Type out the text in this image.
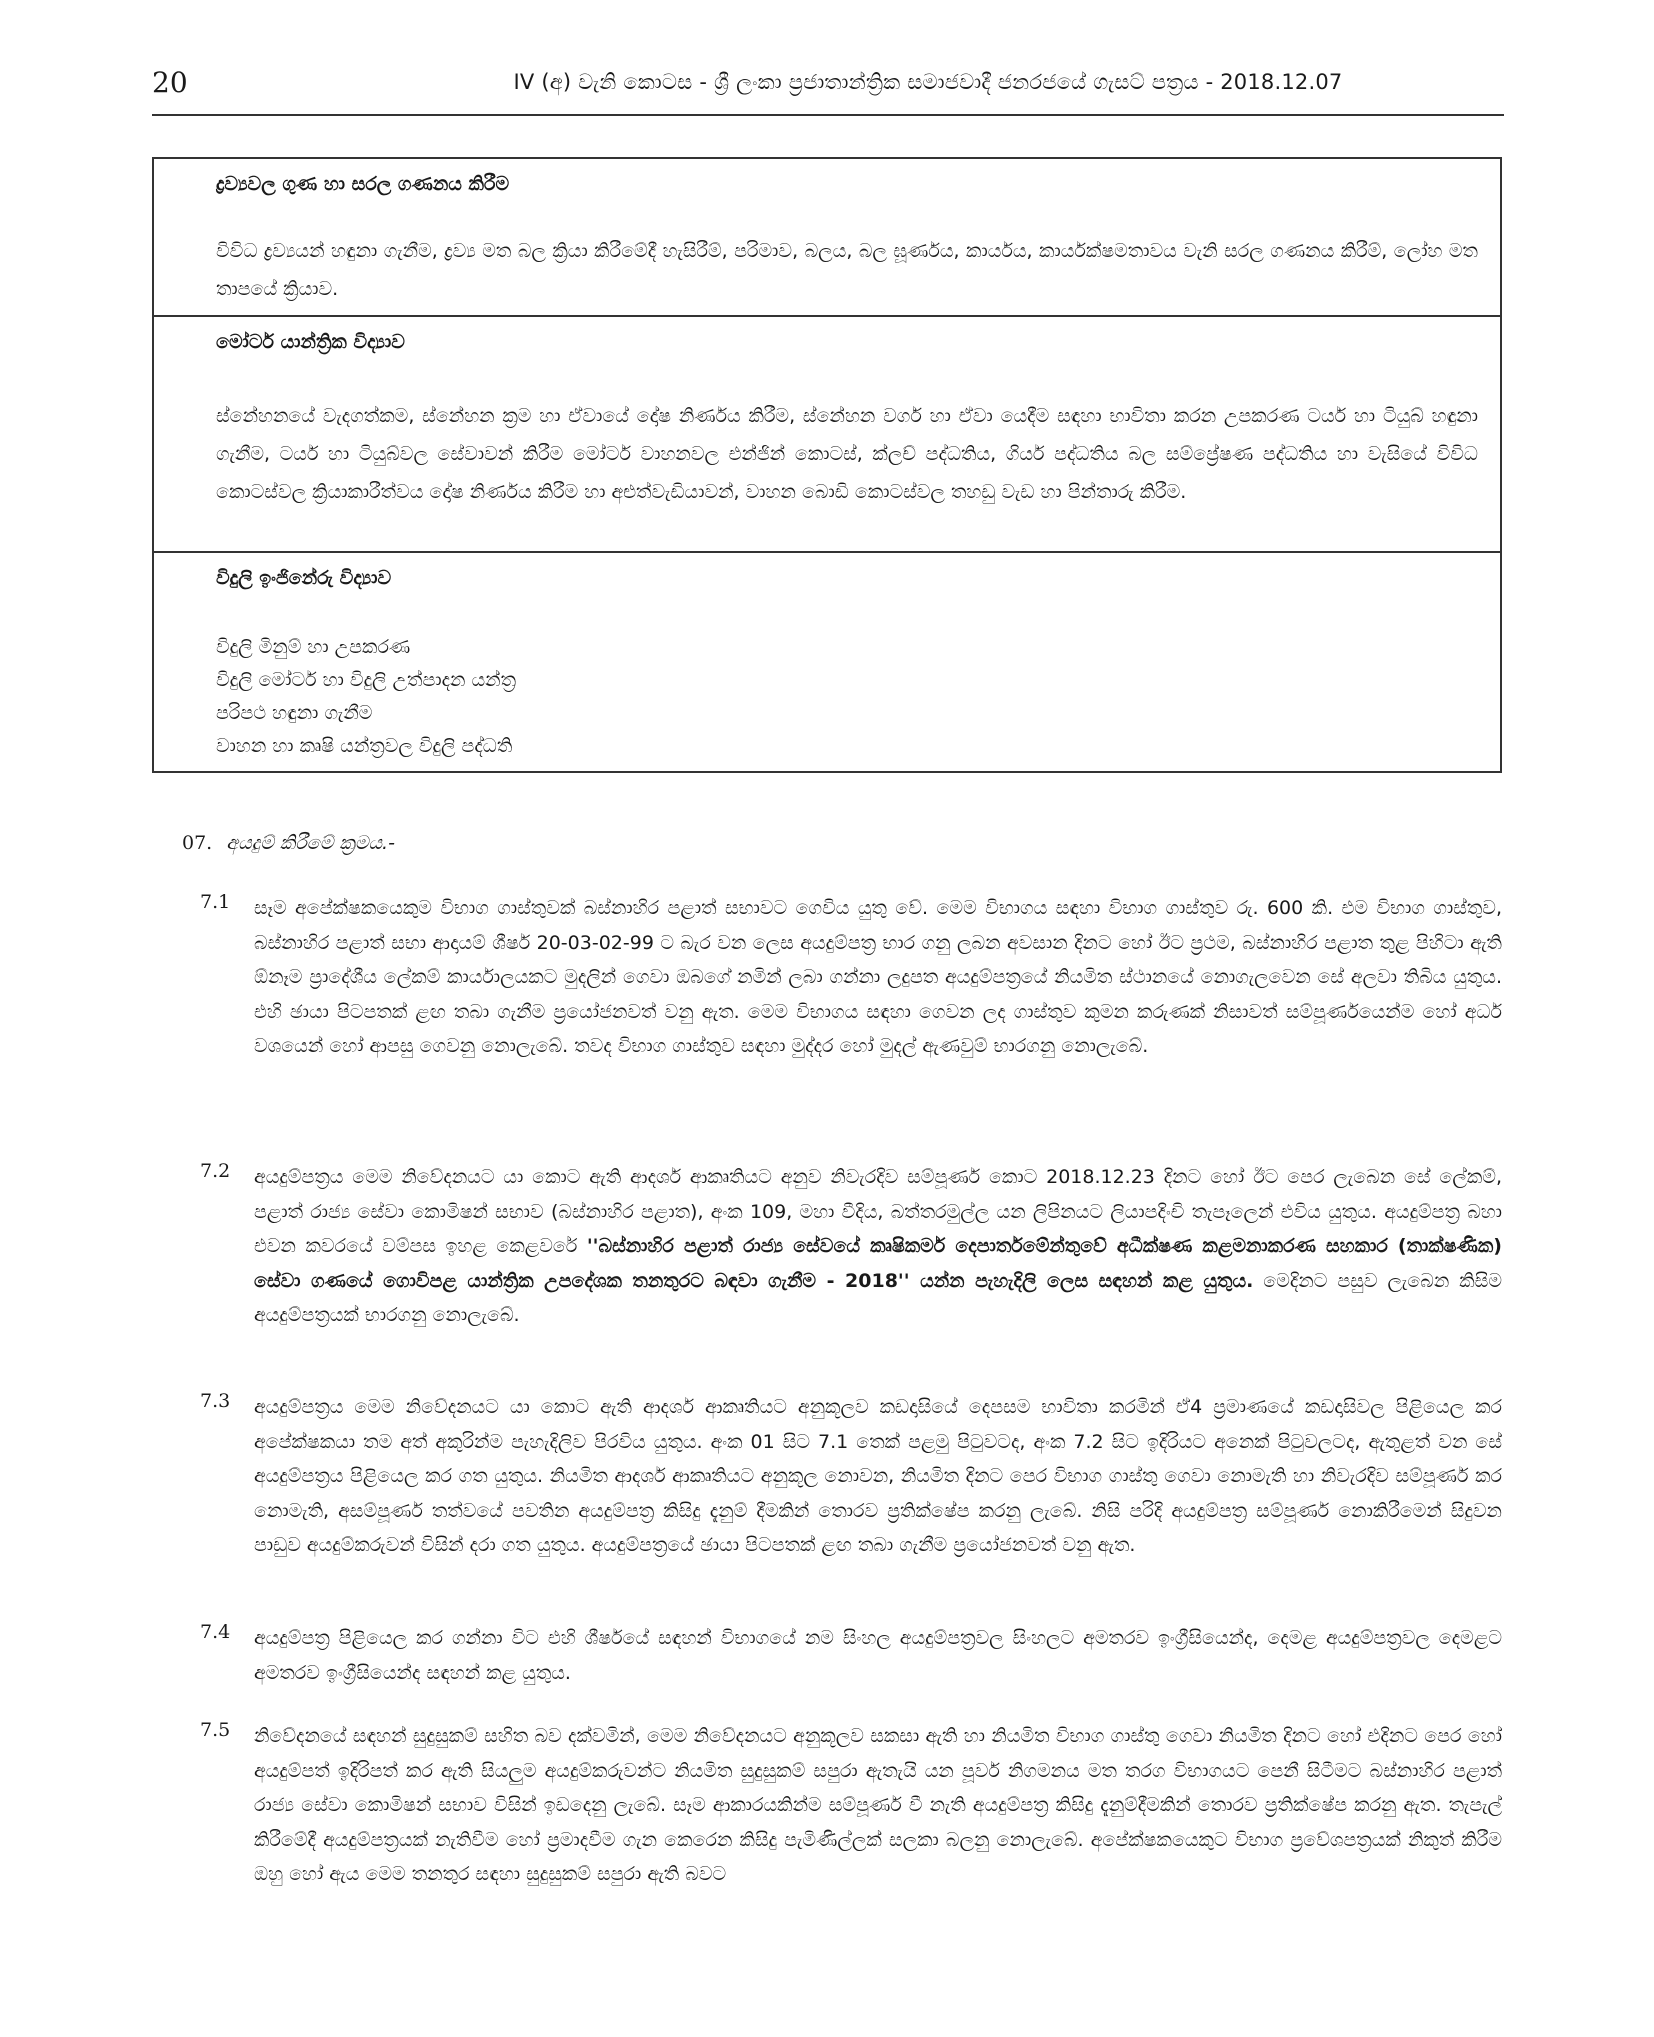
20	IV (අ) වැනි කොටස - ශ්‍රී ලංකා ප්‍රජාතාන්ත්‍රික සමාජවාදී ජනරජයේ ගැසට් පත්‍රය - 2018.12.07
ද්‍රව්‍යවල ගුණ හා සරල ගණනය කිරීම
විවිධ ද්‍රව්‍යයන් හඳුනා ගැනීම, ද්‍රව්‍ය මත බල ක්‍රියා කිරීමේදී හැසිරීම්, පරිමාව, බලය, බල ඝූර්ණය, කාර්යය, කාර්යක්ෂමතාවය වැනි සරල ගණනය කිරීම්, ලෝහ මත තාපයේ ක්‍රියාව.
මෝටර් යාන්ත්‍රික විද්‍යාව
ස්නේහනයේ වැදගත්කම, ස්නේහන ක්‍රම හා ඒවායේ දෝෂ නිර්ණය කිරීම, ස්නේහන වර්ග හා ඒවා යෙදීම සඳහා භාවිතා කරන උපකරණ ටයර් හා ටියුබ් හඳුනා ගැනීම, ටයර් හා ටියුබ්වල සේවාවන් කිරීම මෝටර් වාහනවල එන්ජින් කොටස්, ක්ලච් පද්ධතිය, ගියර් පද්ධතිය බල සම්ප්‍රේෂණ පද්ධතිය හා වැසියේ විවිධ කොටස්වල ක්‍රියාකාරීත්වය දෝෂ නිර්ණය කිරීම හා අළුත්වැඩියාවන්, වාහන බොඩි කොටස්වල තහඩු වැඩ හා පින්තාරු කිරීම.
විදුලි ඉංජිනේරු විද්‍යාව
විදුලි මිනුම් හා උපකරණ
විදුලි මෝටර් හා විදුලි උත්පාදන යන්ත්‍ර
පරිපථ හඳුනා ගැනීම
වාහන හා කෘෂි යන්ත්‍රවල විදුලි පද්ධති
07. අයදුම් කිරීමේ ක්‍රමය.-
7.1 සෑම අපේක්ෂකයෙකුම විභාග ගාස්තුවක් බස්නාහිර පළාත් සභාවට ගෙවිය යුතු වේ. මෙම විභාගය සඳහා විභාග ගාස්තුව රු. 600 කි. එම විභාග ගාස්තුව, බස්නාහිර පළාත් සභා ආදායම් ශීර්ෂ 20-03-02-99 ට බැර වන ලෙස අයදුම්පත්‍ර භාර ගනු ලබන අවසාන දිනට හෝ ඊට ප්‍රථම, බස්නාහිර පළාත තුළ පිහිටා ඇති ඕනෑම ප්‍රාදේශීය ලේකම් කාර්යාලයකට මුදලින් ගෙවා ඔබගේ නමින් ලබා ගන්නා ලදුපත අයදුම්පත්‍රයේ නියමිත ස්ථානයේ නොගැලවෙන සේ අලවා තිබිය යුතුය. එහි ඡායා පිටපතක් ළඟ තබා ගැනීම ප්‍රයෝජනවත් වනු ඇත. මෙම විභාගය සඳහා ගෙවන ලද ගාස්තුව කුමන කරුණක් නිසාවත් සම්පූර්ණයෙන්ම හෝ අර්ධ වශයෙන් හෝ ආපසු ගෙවනු නොලැබේ. තවද විභාග ගාස්තුව සඳහා මුද්දර හෝ මුදල් ඇණවුම් භාරගනු නොලැබේ.
7.2 අයදුම්පත්‍රය මෙම නිවේදනයට යා කොට ඇති ආදර්ශ ආකෘතියට අනුව නිවැරදිව සම්පූර්ණ කොට 2018.12.23 දිනට හෝ ඊට පෙර ලැබෙන සේ ලේකම්, පළාත් රාජ්‍ය සේවා කොමිෂන් සභාව (බස්නාහිර පළාත), අංක 109, මහා වීදිය, බත්තරමුල්ල යන ලිපිනයට ලියාපදිංචි තැපෑලෙන් එවිය යුතුය. අයදුම්පත්‍ර බහා එවන කවරයේ වම්පස ඉහළ කෙළවරේ ''බස්නාහිර පළාත් රාජ්‍ය සේවයේ කෘෂිකර්ම දෙපාර්තමේන්තුවේ අධීක්ෂණ කළමනාකරණ සහකාර (තාක්ෂණික) සේවා ගණයේ ගොවිපළ යාන්ත්‍රික උපදේශක තනතුරට බඳවා ගැනීම - 2018'' යන්න පැහැදිලි ලෙස සඳහන් කළ යුතුය. මෙදිනට පසුව ලැබෙන කිසිම අයදුම්පත්‍රයක් භාරගනු නොලැබේ.
7.3 අයදුම්පත්‍රය මෙම නිවේදනයට යා කොට ඇති ආදර්ශ ආකෘතියට අනුකූලව කඩදාසියේ දෙපසම භාවිතා කරමින් ඒ4 ප්‍රමාණයේ කඩදාසිවල පිළියෙල කර අපේක්ෂකයා තම අත් අකුරින්ම පැහැදිලිව පිරවිය යුතුය. අංක 01 සිට 7.1 තෙක් පළමු පිටුවටද, අංක 7.2 සිට ඉදිරියට අනෙක් පිටුවලටද, ඇතුළත් වන සේ අයදුම්පත්‍රය පිළියෙල කර ගත යුතුය. නියමිත ආදර්ශ ආකෘතියට අනුකූල නොවන, නියමිත දිනට පෙර විභාග ගාස්තු ගෙවා නොමැති හා නිවැරදිව සම්පූර්ණ කර නොමැති, අසම්පූර්ණ තත්වයේ පවතින අයදුම්පත්‍ර කිසිදු දැනුම් දීමකින් තොරව ප්‍රතික්ෂේප කරනු ලැබේ. නිසි පරිදි අයදුම්පත්‍ර සම්පූර්ණ නොකිරීමෙන් සිදුවන පාඩුව අයදුම්කරුවන් විසින් දරා ගත යුතුය. අයදුම්පත්‍රයේ ඡායා පිටපතක් ළඟ තබා ගැනීම ප්‍රයෝජනවත් වනු ඇත.
7.4 අයදුම්පත්‍ර පිළියෙල කර ගන්නා විට එහි ශීර්ෂයේ සඳහන් විභාගයේ නම සිංහල අයදුම්පත්‍රවල සිංහලට අමතරව ඉංග්‍රීසියෙන්ද, දෙමළ අයදුම්පත්‍රවල දෙමළට අමතරව ඉංග්‍රීසියෙන්ද සඳහන් කළ යුතුය.
7.5 නිවේදනයේ සඳහන් සුදුසුකම් සහිත බව දක්වමින්, මෙම නිවේදනයට අනුකූලව සකසා ඇති හා නියමිත විභාග ගාස්තු ගෙවා නියමිත දිනට හෝ එදිනට පෙර හෝ අයදුම්පත් ඉදිරිපත් කර ඇති සියලුම අයදුම්කරුවන්ට නියමිත සුදුසුකම් සපුරා ඇතැයි යන පූර්ව නිගමනය මත තරග විභාගයට පෙනී සිටීමට බස්නාහිර පළාත් රාජ්‍ය සේවා කොමිෂන් සභාව විසින් ඉඩදෙනු ලැබේ. සෑම ආකාරයකින්ම සම්පූර්ණ වී නැති අයදුම්පත්‍ර කිසිදු දැනුම්දීමකින් තොරව ප්‍රතික්ෂේප කරනු ඇත. තැපැල් කිරීමේදී අයදුම්පත්‍රයක් නැතිවීම හෝ ප්‍රමාදවීම ගැන කෙරෙන කිසිදු පැමිණිල්ලක් සලකා බලනු නොලැබේ. අපේක්ෂකයෙකුට විභාග ප්‍රවේශපත්‍රයක් නිකුත් කිරීම ඔහු හෝ ඇය මෙම තනතුර සඳහා සුදුසුකම් සපුරා ඇති බවට
